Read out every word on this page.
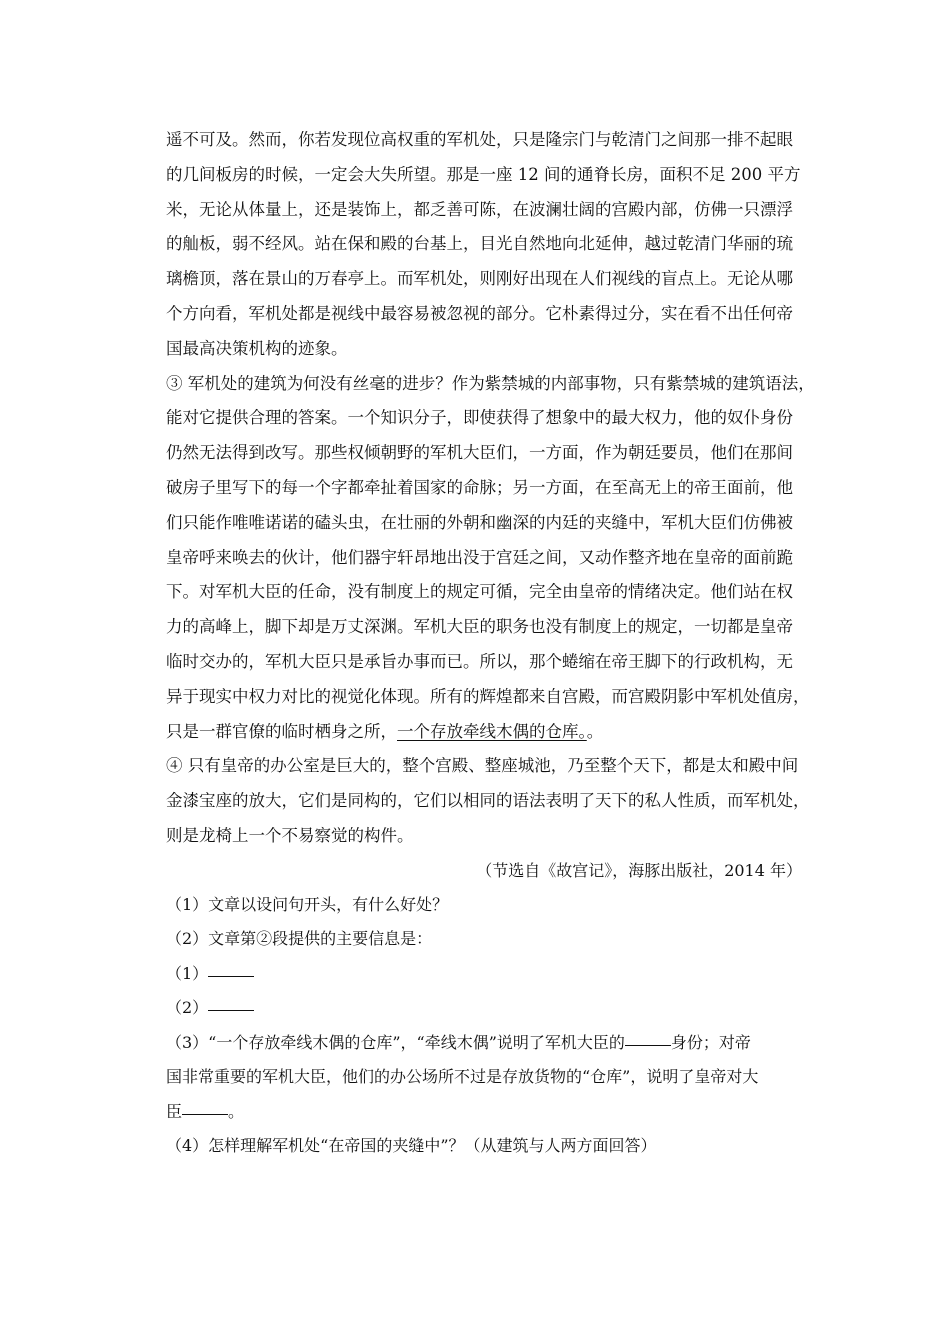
遥不可及。然而，你若发现位高权重的军机处，只是隆宗门与乾清门之间那一排不起眼
的几间板房的时候，一定会大失所望。那是一座 12 间的通脊长房，面积不足 200 平方
米，无论从体量上，还是装饰上，都乏善可陈，在波澜壮阔的宫殿内部，仿佛一只漂浮
的舢板，弱不经风。站在保和殿的台基上，目光自然地向北延伸，越过乾清门华丽的琉
璃檐顶，落在景山的万春亭上。而军机处，则刚好出现在人们视线的盲点上。无论从哪
个方向看，军机处都是视线中最容易被忽视的部分。它朴素得过分，实在看不出任何帝
国最高决策机构的迹象。
③ 军机处的建筑为何没有丝毫的进步？作为紫禁城的内部事物，只有紫禁城的建筑语法，
能对它提供合理的答案。一个知识分子，即使获得了想象中的最大权力，他的奴仆身份
仍然无法得到改写。那些权倾朝野的军机大臣们，一方面，作为朝廷要员，他们在那间
破房子里写下的每一个字都牵扯着国家的命脉；另一方面，在至高无上的帝王面前，他
们只能作唯唯诺诺的磕头虫，在壮丽的外朝和幽深的内廷的夹缝中，军机大臣们仿佛被
皇帝呼来唤去的伙计，他们器宇轩昂地出没于宫廷之间，又动作整齐地在皇帝的面前跪
下。对军机大臣的任命，没有制度上的规定可循，完全由皇帝的情绪决定。他们站在权
力的高峰上，脚下却是万丈深渊。军机大臣的职务也没有制度上的规定，一切都是皇帝
临时交办的，军机大臣只是承旨办事而已。所以，那个蜷缩在帝王脚下的行政机构，无
异于现实中权力对比的视觉化体现。所有的辉煌都来自宫殿，而宫殿阴影中军机处值房，
只是一群官僚的临时栖身之所，一个存放牵线木偶的仓库。。
④ 只有皇帝的办公室是巨大的，整个宫殿、整座城池，乃至整个天下，都是太和殿中间
金漆宝座的放大，它们是同构的，它们以相同的语法表明了天下的私人性质，而军机处，
则是龙椅上一个不易察觉的构件。

（节选自《故宫记》，海豚出版社，2014 年）

（1）文章以设问句开头，有什么好处？
（2）文章第②段提供的主要信息是：
（1）
（2）
（3）“一个存放牵线木偶的仓库”，“牵线木偶”说明了军机大臣的	身份；对帝
国非常重要的军机大臣，他们的办公场所不过是存放货物的“仓库”，说明了皇帝对大
臣	。
（4）怎样理解军机处“在帝国的夹缝中”？（从建筑与人两方面回答）
